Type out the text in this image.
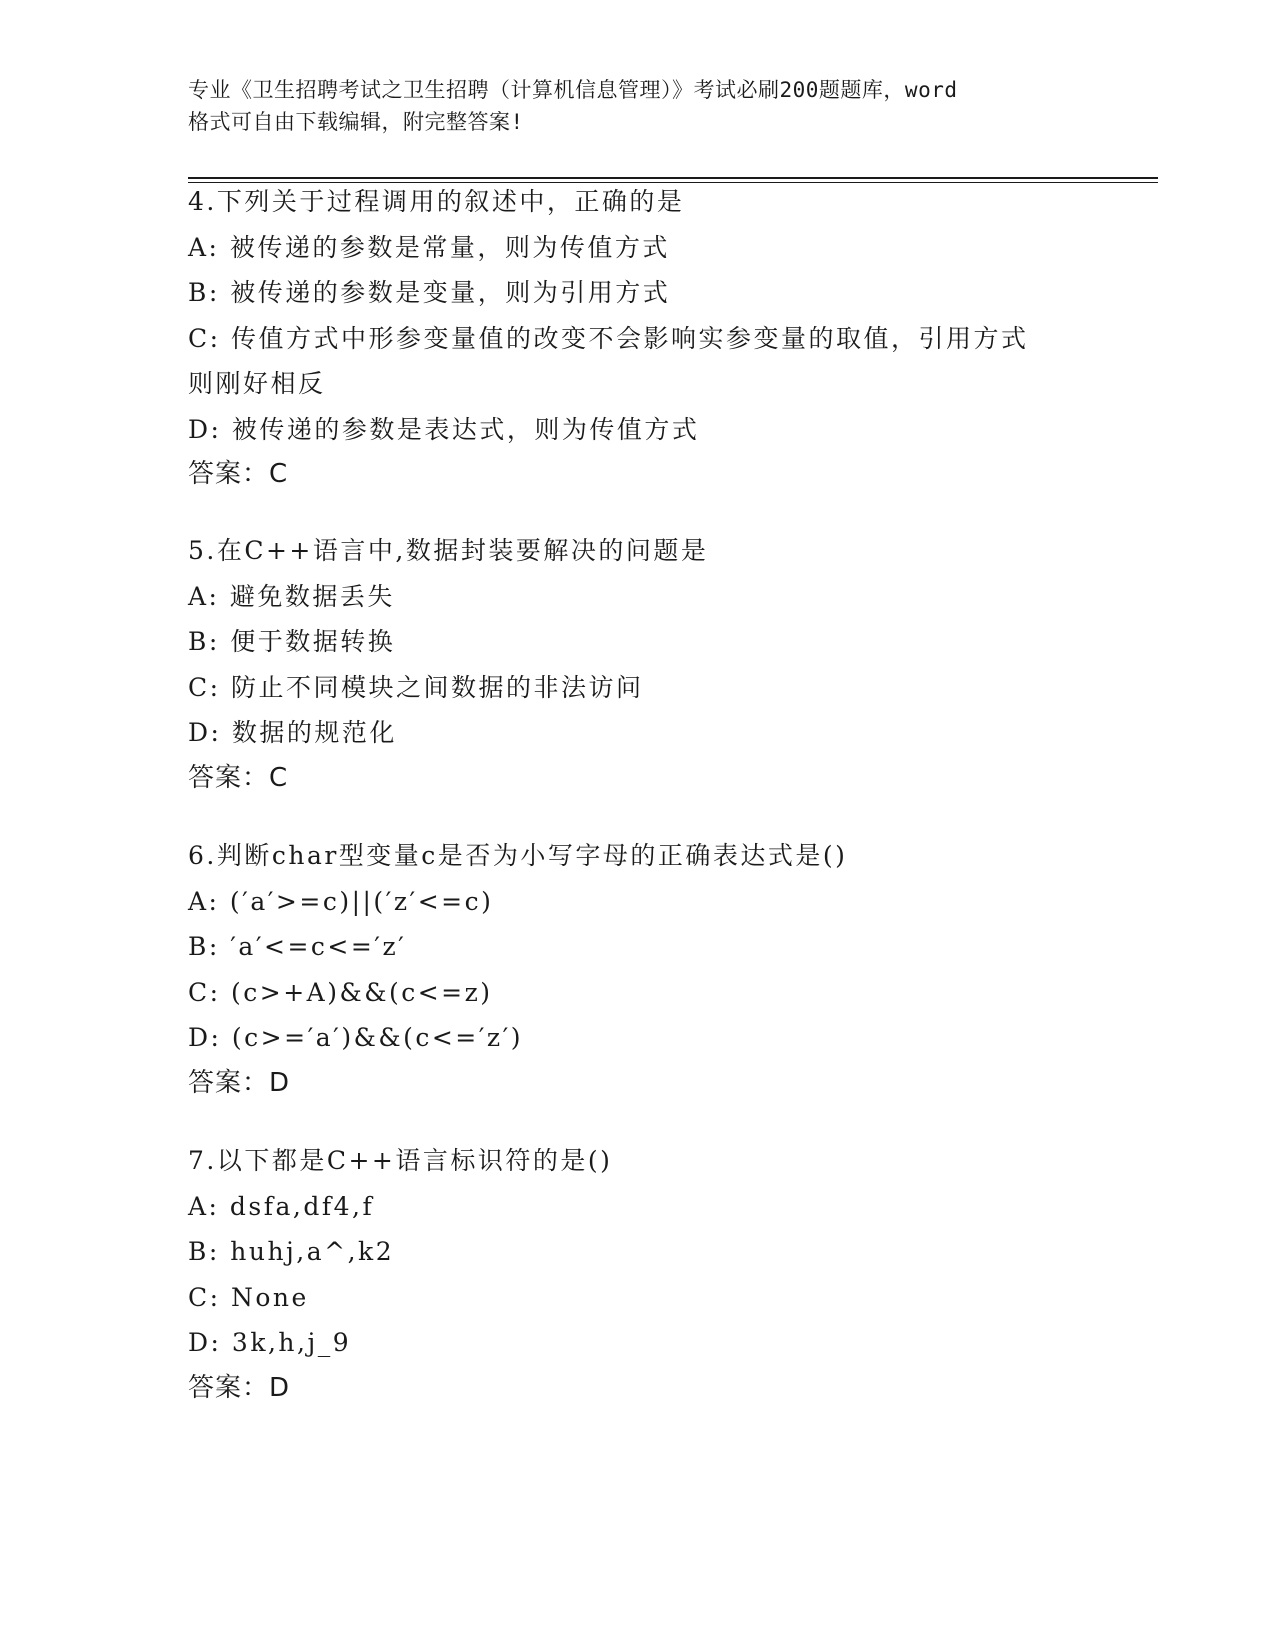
专业《卫生招聘考试之卫生招聘（计算机信息管理）》考试必刷200题题库，word
格式可自由下载编辑，附完整答案!
4.下列关于过程调用的叙述中，正确的是
A: 被传递的参数是常量，则为传值方式
B: 被传递的参数是变量，则为引用方式
C: 传值方式中形参变量值的改变不会影响实参变量的取值，引用方式
则刚好相反
D: 被传递的参数是表达式，则为传值方式
答案：C
5.在C++语言中,数据封装要解决的问题是
A: 避免数据丢失
B: 便于数据转换
C: 防止不同模块之间数据的非法访问
D: 数据的规范化
答案：C
6.判断char型变量c是否为小写字母的正确表达式是()
A: (′a′>=c)||(′z′<=c)
B: ′a′<=c<=′z′
C: (c>+A)&&(c<=z)
D: (c>=′a′)&&(c<=′z′)
答案：D
7.以下都是C++语言标识符的是()
A: dsfa,df4,f
B: huhj,a^,k2
C: None
D: 3k,h,j_9
答案：D
